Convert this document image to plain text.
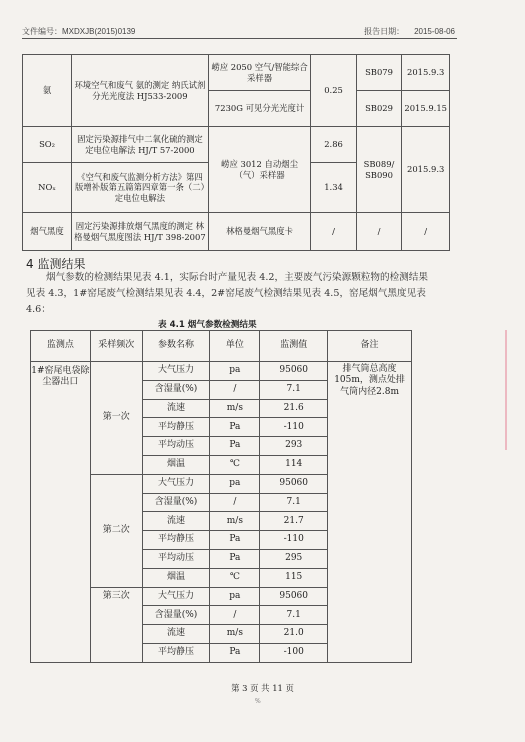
文件编号：MXDXJB(2015)0139	报告日期： 2015-08-06
氨	环境空气和废气 氨的测定 纳氏试剂分光光度法 HJ533-2009	崂应 2050 空气/智能综合采样器	0.25	SB079	2015.9.3
		7230G 可见分光光度计		SB029	2015.9.15
SO₂	固定污染源排气中二氧化硫的测定 定电位电解法 HJ/T 57-2000	崂应 3012 自动烟尘（气）采样器	2.86	SB089/ SB090	2015.9.3
NOₓ	《空气和废气监测分析方法》第四版增补版第五篇第四章第一条（二）定电位电解法		1.34		
烟气黑度	固定污染源排放烟气黑度的测定 林格曼烟气黑度图法 HJ/T 398-2007	林格曼烟气黑度卡	/	/	/
4 监测结果
烟气参数的检测结果见表 4.1，实际台时产量见表 4.2，主要废气污染源颗粒物的检测结果见表 4.3，1#窑尾废气检测结果见表 4.4，2#窑尾废气检测结果见表 4.5，窑尾烟气黑度见表 4.6：
表 4.1 烟气参数检测结果
监测点	采样频次	参数名称	单位	监测值	备注
1#窑尾电袋除尘器出口	第一次	大气压力	pa	95060	排气筒总高度105m，测点处排气筒内径2.8m
		含湿量(%)	/	7.1	
		流速	m/s	21.6	
		平均静压	Pa	-110	
		平均动压	Pa	293	
		烟温	℃	114	
	第二次	大气压力	pa	95060	
		含湿量(%)	/	7.1	
		流速	m/s	21.7	
		平均静压	Pa	-110	
		平均动压	Pa	295	
		烟温	℃	115	
	第三次	大气压力	pa	95060	
		含湿量(%)	/	7.1	
		流速	m/s	21.0	
		平均静压	Pa	-100	
第 3 页 共 11 页
%
